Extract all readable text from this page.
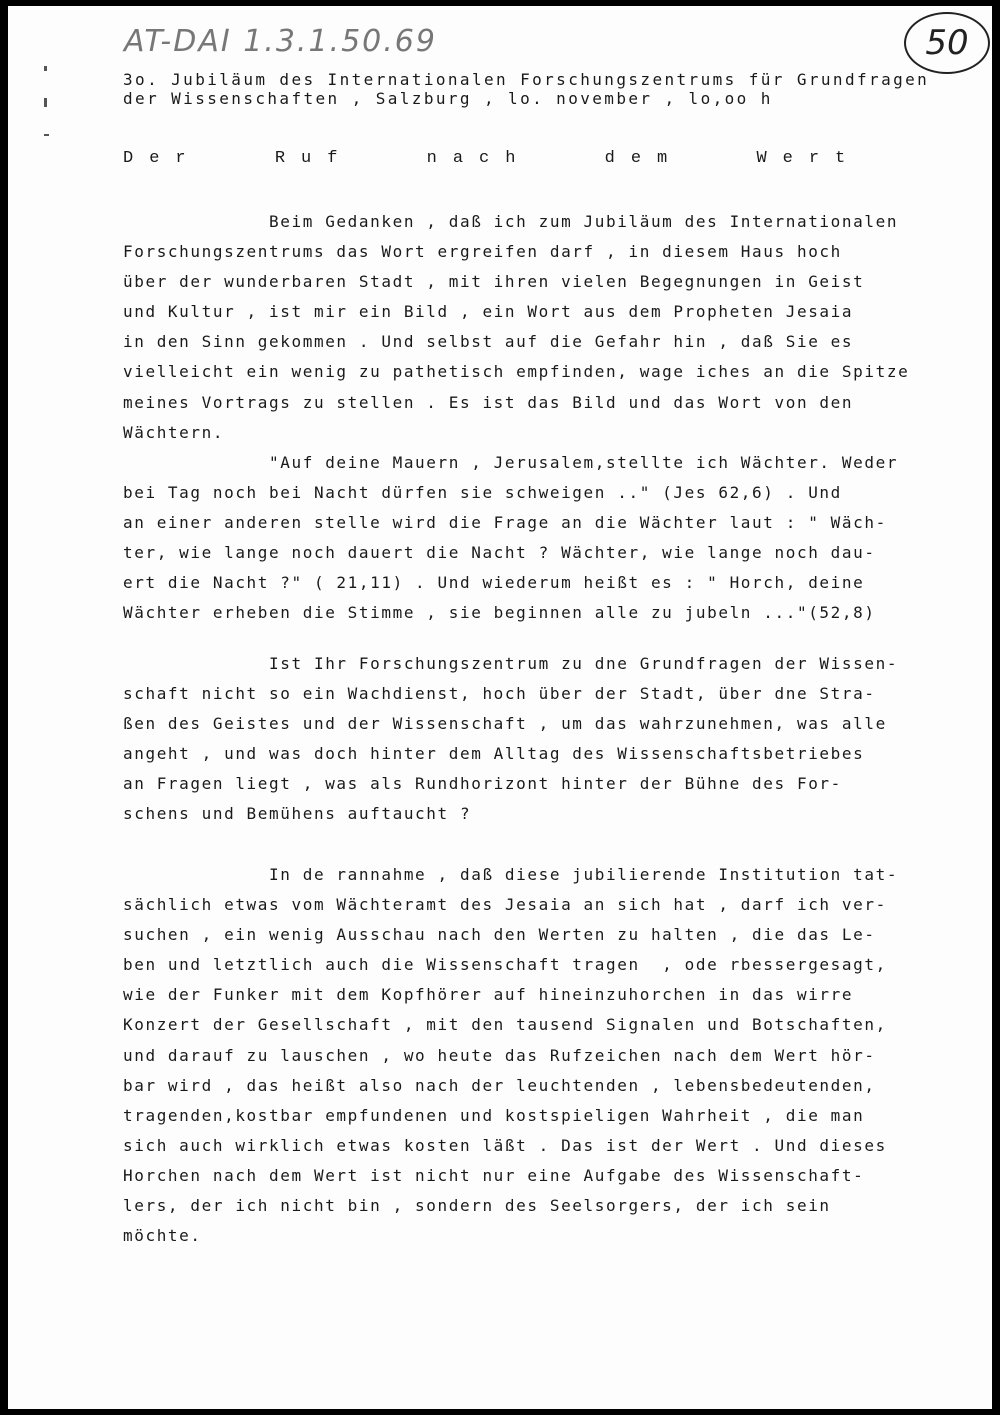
AT-DAI 1.3.1.50.69	50
3o. Jubiläum des Internationalen Forschungszentrums für Grundfragen
der Wissenschaften , Salzburg , lo. november , lo,oo h
Der	Ruf	nach	dem	Wert
Beim Gedanken , daß ich zum Jubiläum des Internationalen
Forschungszentrums das Wort ergreifen darf , in diesem Haus hoch
über der wunderbaren Stadt , mit ihren vielen Begegnungen in Geist
und Kultur , ist mir ein Bild , ein Wort aus dem Propheten Jesaia
in den Sinn gekommen . Und selbst auf die Gefahr hin , daß Sie es
vielleicht ein wenig zu pathetisch empfinden, wage iches an die Spitze
meines Vortrags zu stellen . Es ist das Bild und das Wort von den
Wächtern.
"Auf deine Mauern , Jerusalem,stellte ich Wächter. Weder
bei Tag noch bei Nacht dürfen sie schweigen .." (Jes 62,6) . Und
an einer anderen stelle wird die Frage an die Wächter laut : " Wäch-
ter, wie lange noch dauert die Nacht ? Wächter, wie lange noch dau-
ert die Nacht ?" ( 21,11) . Und wiederum heißt es : " Horch, deine
Wächter erheben die Stimme , sie beginnen alle zu jubeln ..."(52,8)
Ist Ihr Forschungszentrum zu dne Grundfragen der Wissen-
schaft nicht so ein Wachdienst, hoch über der Stadt, über dne Stra-
ßen des Geistes und der Wissenschaft , um das wahrzunehmen, was alle
angeht , und was doch hinter dem Alltag des Wissenschaftsbetriebes
an Fragen liegt , was als Rundhorizont hinter der Bühne des For-
schens und Bemühens auftaucht ?
In de rannahme , daß diese jubilierende Institution tat-
sächlich etwas vom Wächteramt des Jesaia an sich hat , darf ich ver-
suchen , ein wenig Ausschau nach den Werten zu halten , die das Le-
ben und letztlich auch die Wissenschaft tragen  , ode rbessergesagt,
wie der Funker mit dem Kopfhörer auf hineinzuhorchen in das wirre
Konzert der Gesellschaft , mit den tausend Signalen und Botschaften,
und darauf zu lauschen , wo heute das Rufzeichen nach dem Wert hör-
bar wird , das heißt also nach der leuchtenden , lebensbedeutenden,
tragenden,kostbar empfundenen und kostspieligen Wahrheit , die man
sich auch wirklich etwas kosten läßt . Das ist der Wert . Und dieses
Horchen nach dem Wert ist nicht nur eine Aufgabe des Wissenschaft-
lers, der ich nicht bin , sondern des Seelsorgers, der ich sein
möchte.
